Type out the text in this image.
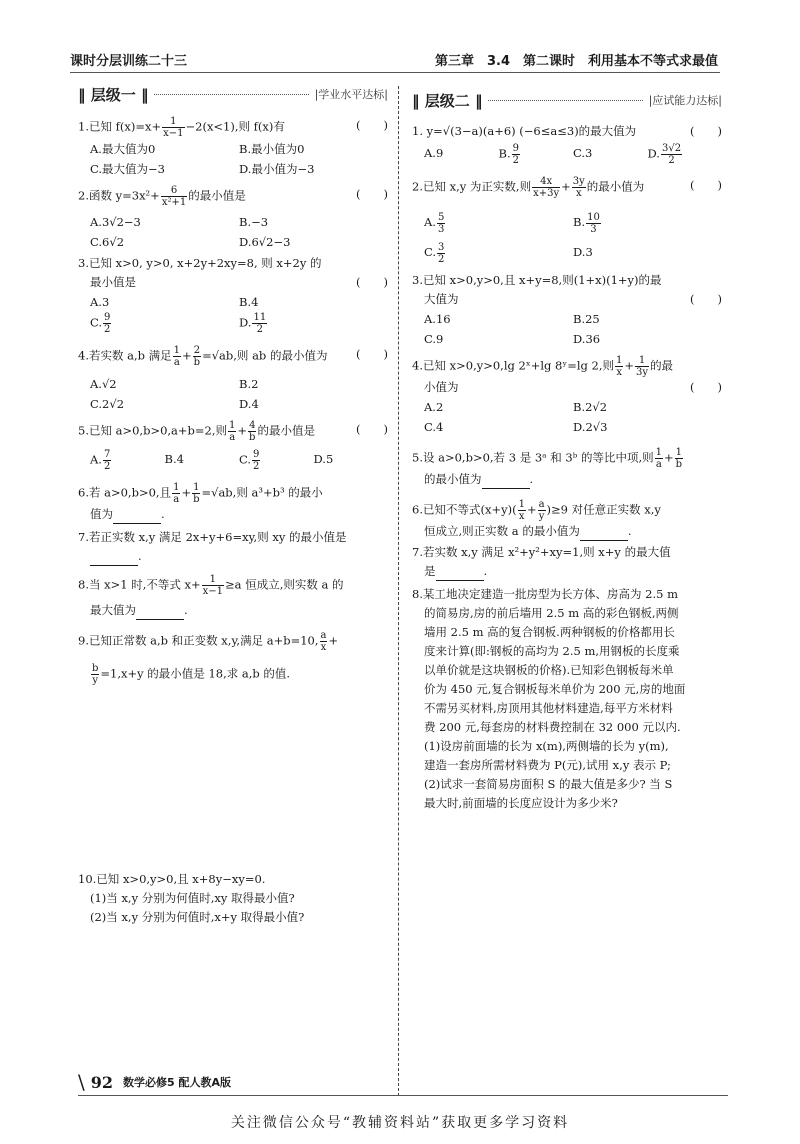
课时分层训练二十三	第三章　3.4　第二课时　利用基本不等式求最值
‖ 层级一 ‖	|学业水平达标|
1.已知 $f(x)=x+ \frac{1}{x-1} -2(x<1)$,则 f(x)有	(　　)
A.最大值为0	B.最小值为0
C.最大值为−3	D.最小值为−3
2.函数 $y=3x^2+ \frac{6}{\text{x²+1}}$ 的最小值是	(　　)
A.3√2−3	B.−3
C.6√2	D.6√2−3
3.已知 x>0, y>0, x+2y+2xy=8, 则 x+2y 的
最小值是	(　　)
A.3	B.4
C. $\frac{9}{2}$	D. $\frac{11}{2}$
4.若实数 a,b 满足 $\frac{1}{a} + \frac{2}{b} =√ab$,则 ab 的最小值为 (　　)
A.√2	B.2
C.2√2	D.4
5.已知 a>0,b>0,a+b=2,则 $\frac{1}{a} + \frac{4}{b}$ 的最小值是	(　　)
A. $\frac{7}{2}$	B.4	C. $\frac{9}{2}$	D.5
6.若 a>0,b>0,且 $\frac{1}{a} + \frac{1}{b} =√ab$,则 a³+b³ 的最小
值为	.
7.若正实数 x,y 满足 2x+y+6=xy,则 xy 的最小值是
.
8.当 x>1 时,不等式 $x+ \frac{1}{x-1} \ge a$ 恒成立,则实数 a 的
最大值为	.
9.已知正常数 a,b 和正变数 x,y,满足 a+b=10, $\frac{a}{x}$ +
$\frac{b}{y} =1,x+y$ 的最小值是 18,求 a,b 的值.
10.已知 x>0,y>0,且 x+8y−xy=0.
(1)当 x,y 分别为何值时,xy 取得最小值?
(2)当 x,y 分别为何值时,x+y 取得最小值?
‖ 层级二 ‖	|应试能力达标|
1. y=√(3−a)(a+6) (−6≤a≤3)的最大值为	(　　)
A.9	B. $\frac{9}{2}$	C.3	D. $\frac{3√2}{2}$
2.已知 x,y 为正实数,则 $\frac{4x}{x+3y} + \frac{3y}{x}$ 的最小值为	(　　)
A. $\frac{5}{3}$	B. $\frac{10}{3}$
C. $\frac{3}{2}$	D.3
3.已知 x>0,y>0,且 x+y=8,则(1+x)(1+y)的最
大值为	(　　)
A.16	B.25
C.9	D.36
4.已知 x>0,y>0,lg 2ˣ+lg 8ʸ=lg 2,则 $\frac{1}{x} + \frac{1}{3y}$ 的最
小值为	(　　)
A.2	B.2√2
C.4	D.2√3
5.设 a>0,b>0,若 3 是 3ᵃ 和 3ᵇ 的等比中项,则 $\frac{1}{a} + \frac{1}{b}$
的最小值为	.
6.已知不等式$(x+y)( \frac{1}{x} + \frac{a}{y} )\ge 9$ 对任意正实数 x,y
恒成立,则正实数 a 的最小值为	.
7.若实数 x,y 满足 x²+y²+xy=1,则 x+y 的最大值
是	.
8.某工地决定建造一批房型为长方体、房高为 2.5 m
的简易房,房的前后墙用 2.5 m 高的彩色钢板,两侧
墙用 2.5 m 高的复合钢板.两种钢板的价格都用长
度来计算(即:钢板的高均为 2.5 m,用钢板的长度乘
以单价就是这块钢板的价格).已知彩色钢板每米单
价为 450 元,复合钢板每米单价为 200 元,房的地面
不需另买材料,房顶用其他材料建造,每平方米材料
费 200 元,每套房的材料费控制在 32 000 元以内.
(1)设房前面墙的长为 x(m),两侧墙的长为 y(m),
建造一套房所需材料费为 P(元),试用 x,y 表示 P;
(2)试求一套简易房面积 S 的最大值是多少? 当 S
最大时,前面墙的长度应设计为多少米?
\ 92 数学必修5 配人教A版
关注微信公众号“教辅资料站”获取更多学习资料
